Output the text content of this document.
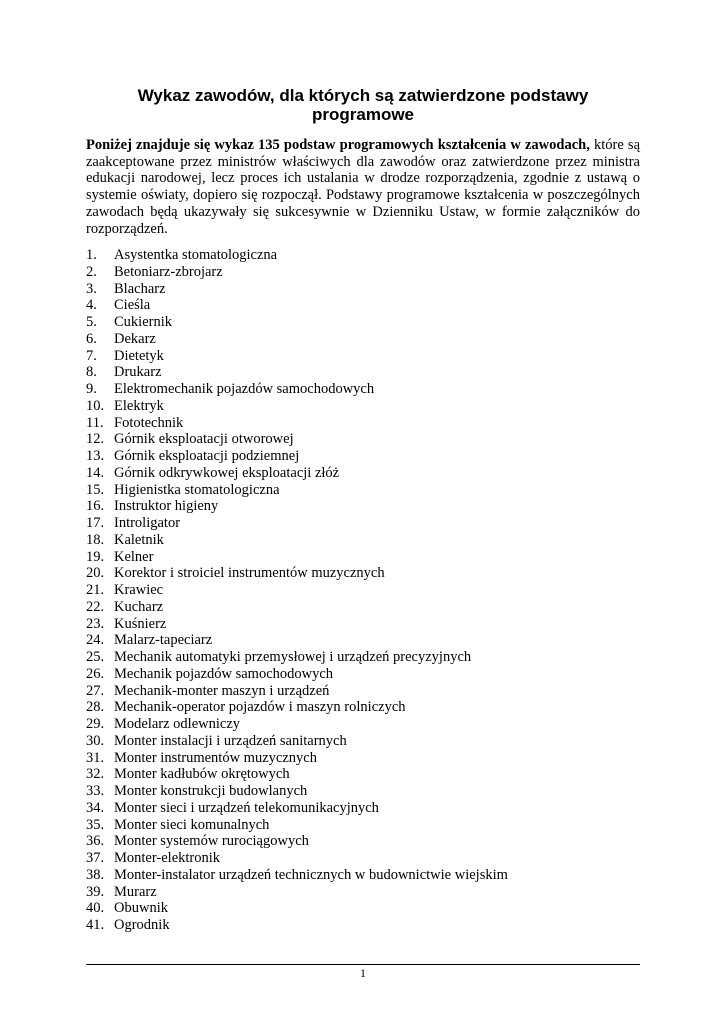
Wykaz zawodów, dla których są zatwierdzone podstawy programowe

Poniżej znajduje się wykaz 135 podstaw programowych kształcenia w zawodach, które są zaakceptowane przez ministrów właściwych dla zawodów oraz zatwierdzone przez ministra edukacji narodowej, lecz proces ich ustalania w drodze rozporządzenia, zgodnie z ustawą o systemie oświaty, dopiero się rozpoczął. Podstawy programowe kształcenia w poszczególnych zawodach będą ukazywały się sukcesywnie w Dzienniku Ustaw, w formie załączników do rozporządzeń.

1. Asystentka stomatologiczna
2. Betoniarz-zbrojarz
3. Blacharz
4. Cieśla
5. Cukiernik
6. Dekarz
7. Dietetyk
8. Drukarz
9. Elektromechanik pojazdów samochodowych
10. Elektryk
11. Fototechnik
12. Górnik eksploatacji otworowej
13. Górnik eksploatacji podziemnej
14. Górnik odkrywkowej eksploatacji złóż
15. Higienistka stomatologiczna
16. Instruktor higieny
17. Introligator
18. Kaletnik
19. Kelner
20. Korektor i stroiciel instrumentów muzycznych
21. Krawiec
22. Kucharz
23. Kuśnierz
24. Malarz-tapeciarz
25. Mechanik automatyki przemysłowej i urządzeń precyzyjnych
26. Mechanik pojazdów samochodowych
27. Mechanik-monter maszyn i urządzeń
28. Mechanik-operator pojazdów i maszyn rolniczych
29. Modelarz odlewniczy
30. Monter instalacji i urządzeń sanitarnych
31. Monter instrumentów muzycznych
32. Monter kadłubów okrętowych
33. Monter konstrukcji budowlanych
34. Monter sieci i urządzeń telekomunikacyjnych
35. Monter sieci komunalnych
36. Monter systemów rurociągowych
37. Monter-elektronik
38. Monter-instalator urządzeń technicznych w budownictwie wiejskim
39. Murarz
40. Obuwnik
41. Ogrodnik
1
